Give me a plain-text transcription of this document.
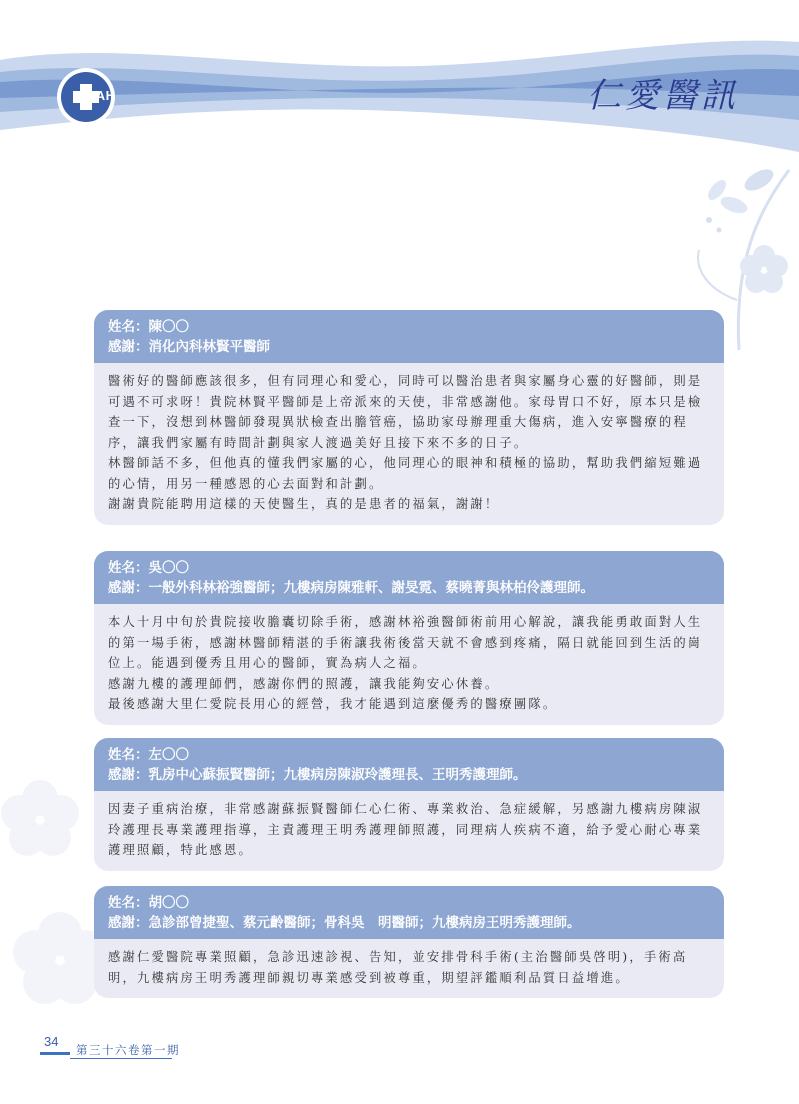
JAH	仁愛醫訊
姓名：陳〇〇
感謝：消化內科林賢平醫師

醫術好的醫師應該很多，但有同理心和愛心，同時可以醫治患者與家屬身心靈的好醫師，則是可遇不可求呀！貴院林賢平醫師是上帝派來的天使，非常感謝他。家母胃口不好，原本只是檢查一下，沒想到林醫師發現異狀檢查出膽管癌，協助家母辦理重大傷病，進入安寧醫療的程序，讓我們家屬有時間計劃與家人渡過美好且接下來不多的日子。

林醫師話不多，但他真的懂我們家屬的心，他同理心的眼神和積極的協助，幫助我們縮短難過的心情，用另一種感恩的心去面對和計劃。

謝謝貴院能聘用這樣的天使醫生，真的是患者的福氣，謝謝！

姓名：吳〇〇
感謝：一般外科林裕強醫師；九樓病房陳雅軒、謝旻霓、蔡曉菁與林柏伶護理師。

本人十月中旬於貴院接收膽囊切除手術，感謝林裕強醫師術前用心解說，讓我能勇敢面對人生的第一場手術，感謝林醫師精湛的手術讓我術後當天就不會感到疼痛，隔日就能回到生活的崗位上。能遇到優秀且用心的醫師，實為病人之福。

感謝九樓的護理師們，感謝你們的照護，讓我能夠安心休養。

最後感謝大里仁愛院長用心的經營，我才能遇到這麼優秀的醫療團隊。

姓名：左〇〇
感謝：乳房中心蘇振賢醫師；九樓病房陳淑玲護理長、王明秀護理師。

因妻子重病治療，非常感謝蘇振賢醫師仁心仁術、專業救治、急症緩解，另感謝九樓病房陳淑玲護理長專業護理指導，主責護理王明秀護理師照護，同理病人疾病不適，給予愛心耐心專業護理照顧，特此感恩。

姓名：胡〇〇
感謝：急診部曾捷聖、蔡元齡醫師；骨科吳　明醫師；九樓病房王明秀護理師。

感謝仁愛醫院專業照顧，急診迅速診視、告知，並安排骨科手術(主治醫師吳啓明)，手術高明，九樓病房王明秀護理師親切專業感受到被尊重，期望評鑑順利品質日益增進。

34
第三十六卷第一期
